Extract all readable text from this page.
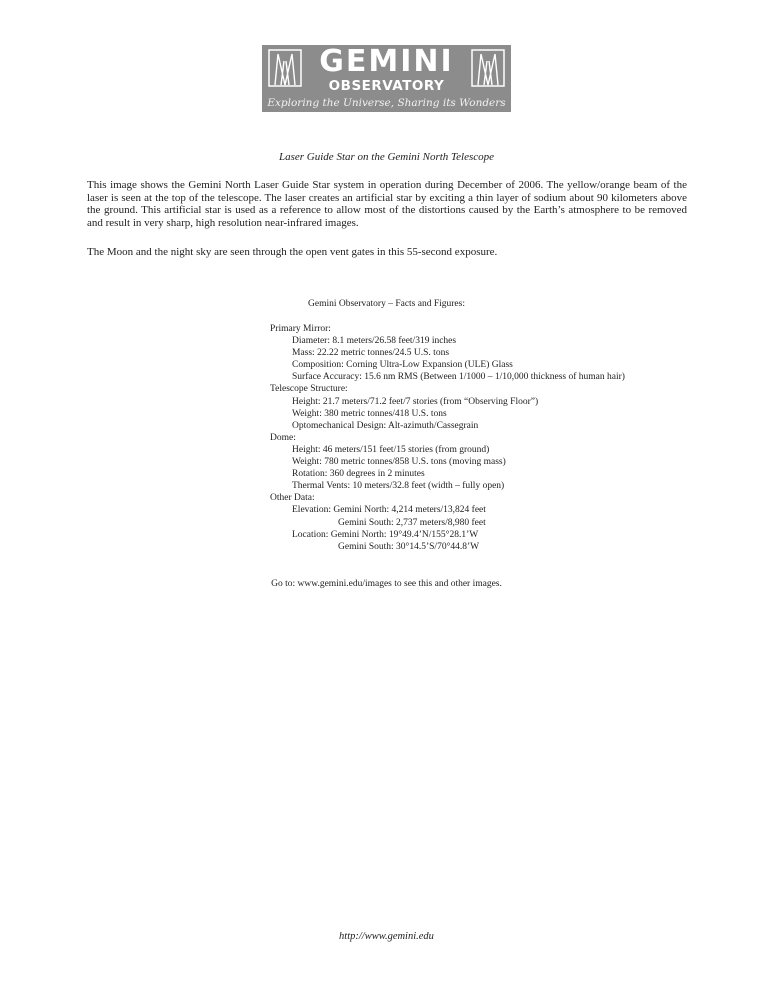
GEMINI
OBSERVATORY
Exploring the Universe, Sharing its Wonders
Laser Guide Star on the Gemini North Telescope
This image shows the Gemini North Laser Guide Star system in operation during December of 2006. The yellow/orange beam of the laser is seen at the top of the telescope. The laser creates an artificial star by exciting a thin layer of sodium about 90 kilometers above the ground. This artificial star is used as a reference to allow most of the distortions caused by the Earth’s atmosphere to be removed and result in very sharp, high resolution near-infrared images.
The Moon and the night sky are seen through the open vent gates in this 55-second exposure.
Gemini Observatory – Facts and Figures:
Primary Mirror:
Diameter: 8.1 meters/26.58 feet/319 inches
Mass: 22.22 metric tonnes/24.5 U.S. tons
Composition: Corning Ultra-Low Expansion (ULE) Glass
Surface Accuracy: 15.6 nm RMS (Between 1/1000 – 1/10,000 thickness of human hair)
Telescope Structure:
Height: 21.7 meters/71.2 feet/7 stories (from “Observing Floor”)
Weight: 380 metric tonnes/418 U.S. tons
Optomechanical Design: Alt-azimuth/Cassegrain
Dome:
Height: 46 meters/151 feet/15 stories (from ground)
Weight: 780 metric tonnes/858 U.S. tons (moving mass)
Rotation: 360 degrees in 2 minutes
Thermal Vents: 10 meters/32.8 feet (width – fully open)
Other Data:
Elevation: Gemini North: 4,214 meters/13,824 feet
Gemini South: 2,737 meters/8,980 feet
Location: Gemini North: 19°49.4’N/155°28.1’W
Gemini South: 30°14.5’S/70°44.8’W
Go to: www.gemini.edu/images to see this and other images.
http://www.gemini.edu
